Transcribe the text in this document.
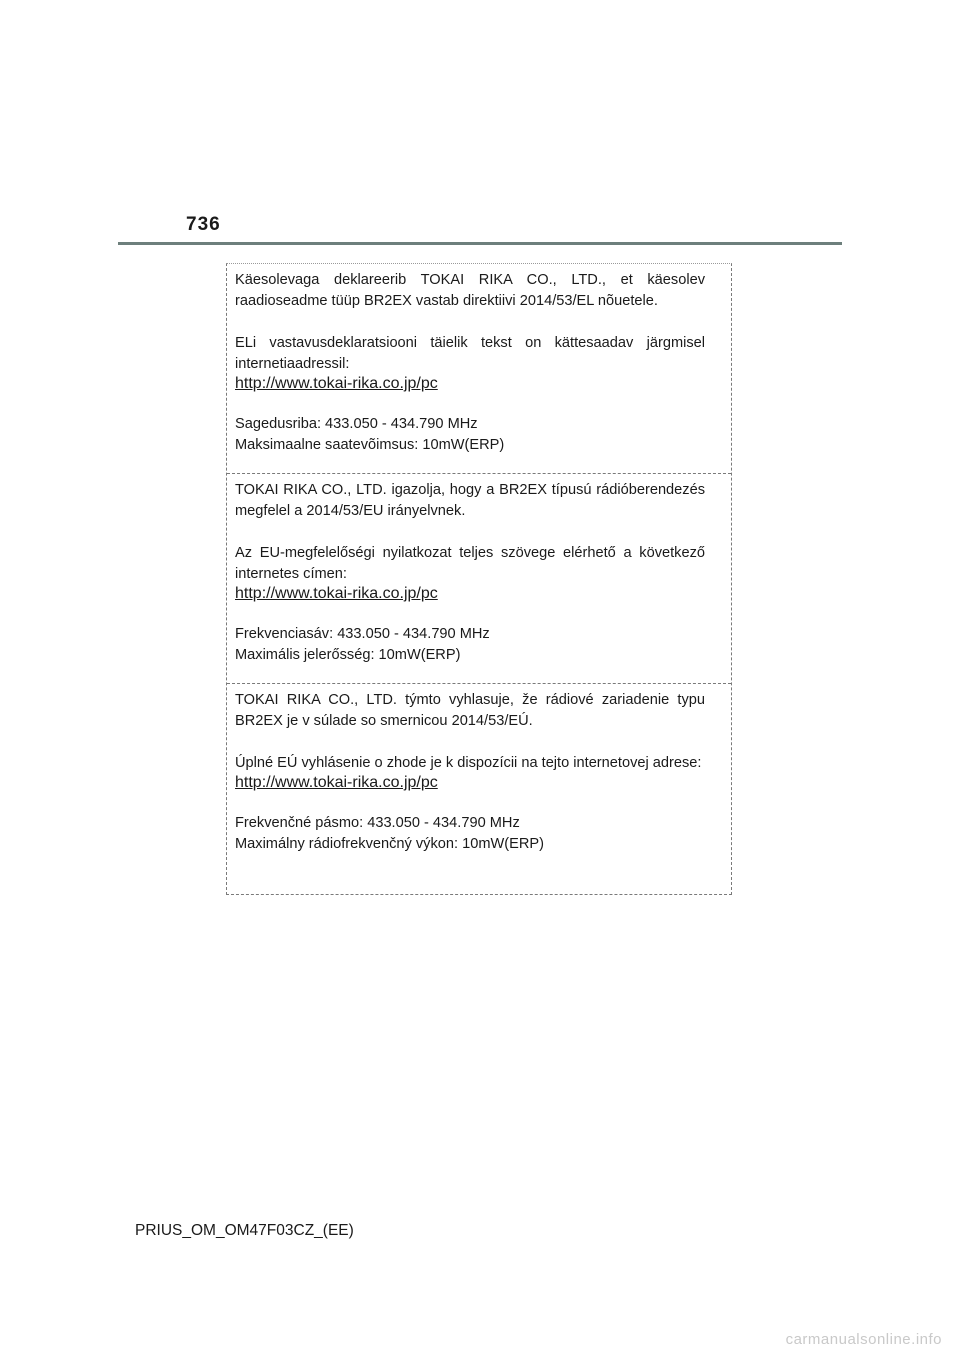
736

Käesolevaga deklareerib TOKAI RIKA CO., LTD., et käesolev raadioseadme tüüp BR2EX vastab direktiivi 2014/53/EL nõuetele.

ELi vastavusdeklaratsiooni täielik tekst on kättesaadav järgmisel internetiaadressil:

http://www.tokai-rika.co.jp/pc
Sagedusriba: 433.050 - 434.790 MHz
Maksimaalne saatevõimsus: 10mW(ERP)

TOKAI RIKA CO., LTD. igazolja, hogy a BR2EX típusú rádióberendezés megfelel a 2014/53/EU irányelvnek.

Az EU-megfelelőségi nyilatkozat teljes szövege elérhető a következő internetes címen:

http://www.tokai-rika.co.jp/pc
Frekvenciasáv: 433.050 - 434.790 MHz
Maximális jelerősség: 10mW(ERP)

TOKAI RIKA CO., LTD. týmto vyhlasuje, že rádiové zariadenie typu BR2EX je v súlade so smernicou 2014/53/EÚ.

Úplné EÚ vyhlásenie o zhode je k dispozícii na tejto internetovej adrese:

http://www.tokai-rika.co.jp/pc
Frekvenčné pásmo: 433.050 - 434.790 MHz
Maximálny rádiofrekvenčný výkon: 10mW(ERP)
PRIUS_OM_OM47F03CZ_(EE)
carmanualsonline.info
